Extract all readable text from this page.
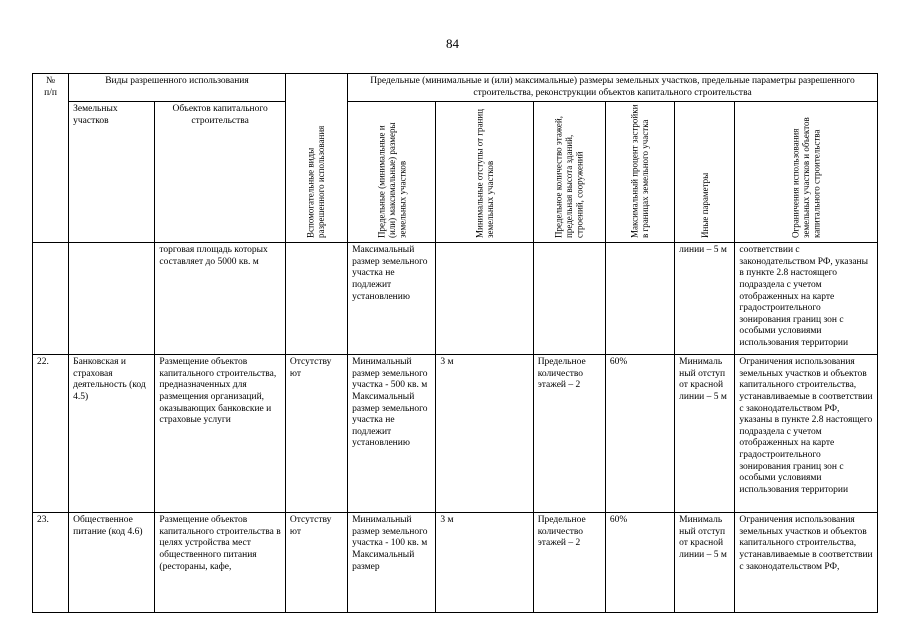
84
№
п/п	Виды разрешенного использования		Вспомогательные виды разрешенного использования	Предельные (минимальные и (или) максимальные) размеры земельных участков, предельные параметры разрешенного строительства, реконструкции объектов капитального строительства					
	Земельных участков	Объектов капитального строительства		Предельные (минимальные и (или) максимальные) размеры земельных участков	Минимальные отступы от границ земельных участков	Предельное количество этажей, предельная высота зданий, строений, сооружений	Максимальный процент застройки в границах земельного участка	Иные параметры	Ограничения использования земельных участков и объектов капитального строительства

		торговая площадь которых составляет до 5000 кв. м		Максимальный размер земельного участка не подлежит установлению				линии – 5 м	соответствии с законодательством РФ, указаны в пункте 2.8 настоящего подраздела с учетом отображенных на карте градостроительного зонирования границ зон с особыми условиями использования территории
22.	Банковская и страховая деятельность (код 4.5)	Размещение объектов капитального строительства, предназначенных для размещения организаций, оказывающих банковские и страховые услуги	Отсутству ют	Минимальный размер земельного участка - 500 кв. м Максимальный размер земельного участка не подлежит установлению	3 м	Предельное количество этажей – 2	60%	Минималь ный отступ от красной линии – 5 м	Ограничения использования земельных участков и объектов капитального строительства, устанавливаемые в соответствии с законодательством РФ, указаны в пункте 2.8 настоящего подраздела с учетом отображенных на карте градостроительного зонирования границ зон с особыми условиями использования территории
23.	Общественное питание (код 4.6)	Размещение объектов капитального строительства в целях устройства мест общественного питания (рестораны, кафе,	Отсутству ют	Минимальный размер земельного участка - 100 кв. м Максимальный размер	3 м	Предельное количество этажей – 2	60%	Минималь ный отступ от красной линии – 5 м	Ограничения использования земельных участков и объектов капитального строительства, устанавливаемые в соответствии с законодательством РФ,
